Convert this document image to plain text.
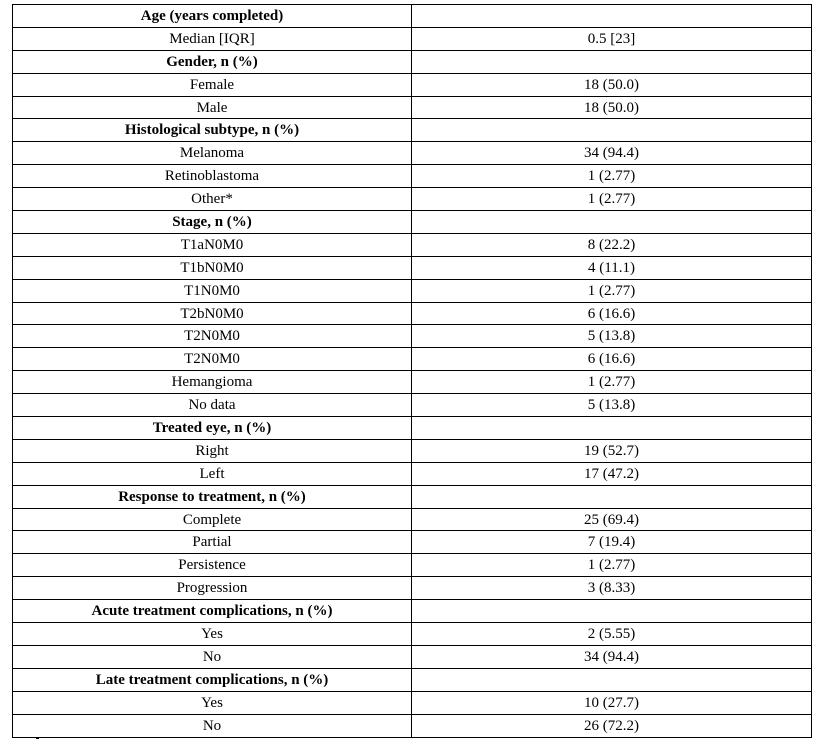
Age (years completed)	
Median [IQR]	0.5 [23]
Gender, n (%)	
Female	18 (50.0)
Male	18 (50.0)
Histological subtype, n (%)	
Melanoma	34 (94.4)
Retinoblastoma	1 (2.77)
Other*	1 (2.77)
Stage, n (%)	
T1aN0M0	8 (22.2)
T1bN0M0	4 (11.1)
T1N0M0	1 (2.77)
T2bN0M0	6 (16.6)
T2N0M0	5 (13.8)
T2N0M0	6 (16.6)
Hemangioma	1 (2.77)
No data	5 (13.8)
Treated eye, n (%)	
Right	19 (52.7)
Left	17 (47.2)
Response to treatment, n (%)	
Complete	25 (69.4)
Partial	7 (19.4)
Persistence	1 (2.77)
Progression	3 (8.33)
Acute treatment complications, n (%)	
Yes	2 (5.55)
No	34 (94.4)
Late treatment complications, n (%)	
Yes	10 (27.7)
No	26 (72.2)
